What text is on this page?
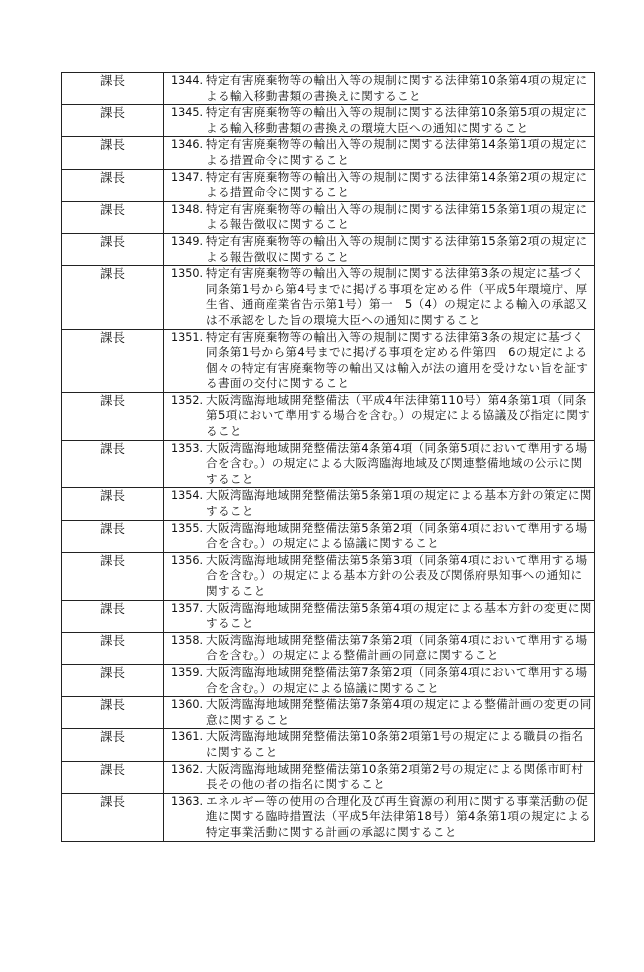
課長	1344. 特定有害廃棄物等の輸出入等の規制に関する法律第10条第4項の規定による輸入移動書類の書換えに関すること

課長	1345. 特定有害廃棄物等の輸出入等の規制に関する法律第10条第5項の規定による輸入移動書類の書換えの環境大臣への通知に関すること

課長	1346. 特定有害廃棄物等の輸出入等の規制に関する法律第14条第1項の規定による措置命令に関すること

課長	1347. 特定有害廃棄物等の輸出入等の規制に関する法律第14条第2項の規定による措置命令に関すること

課長	1348. 特定有害廃棄物等の輸出入等の規制に関する法律第15条第1項の規定による報告徴収に関すること

課長	1349. 特定有害廃棄物等の輸出入等の規制に関する法律第15条第2項の規定による報告徴収に関すること

課長	1350. 特定有害廃棄物等の輸出入等の規制に関する法律第3条の規定に基づく同条第1号から第4号までに掲げる事項を定める件（平成5年環境庁、厚生省、通商産業省告示第1号）第一　5（4）の規定による輸入の承認又は不承認をした旨の環境大臣への通知に関すること

課長	1351. 特定有害廃棄物等の輸出入等の規制に関する法律第3条の規定に基づく同条第1号から第4号までに掲げる事項を定める件第四　6の規定による個々の特定有害廃棄物等の輸出又は輸入が法の適用を受けない旨を証する書面の交付に関すること

課長	1352. 大阪湾臨海地域開発整備法（平成4年法律第110号）第4条第1項（同条第5項において準用する場合を含む。）の規定による協議及び指定に関すること

課長	1353. 大阪湾臨海地域開発整備法第4条第4項（同条第5項において準用する場合を含む。）の規定による大阪湾臨海地域及び関連整備地域の公示に関すること

課長	1354. 大阪湾臨海地域開発整備法第5条第1項の規定による基本方針の策定に関すること

課長	1355. 大阪湾臨海地域開発整備法第5条第2項（同条第4項において準用する場合を含む。）の規定による協議に関すること

課長	1356. 大阪湾臨海地域開発整備法第5条第3項（同条第4項において準用する場合を含む。）の規定による基本方針の公表及び関係府県知事への通知に関すること

課長	1357. 大阪湾臨海地域開発整備法第5条第4項の規定による基本方針の変更に関すること

課長	1358. 大阪湾臨海地域開発整備法第7条第2項（同条第4項において準用する場合を含む。）の規定による整備計画の同意に関すること

課長	1359. 大阪湾臨海地域開発整備法第7条第2項（同条第4項において準用する場合を含む。）の規定による協議に関すること

課長	1360. 大阪湾臨海地域開発整備法第7条第4項の規定による整備計画の変更の同意に関すること

課長	1361. 大阪湾臨海地域開発整備法第10条第2項第1号の規定による職員の指名に関すること

課長	1362. 大阪湾臨海地域開発整備法第10条第2項第2号の規定による関係市町村長その他の者の指名に関すること

課長	1363. エネルギー等の使用の合理化及び再生資源の利用に関する事業活動の促進に関する臨時措置法（平成5年法律第18号）第4条第1項の規定による特定事業活動に関する計画の承認に関すること
